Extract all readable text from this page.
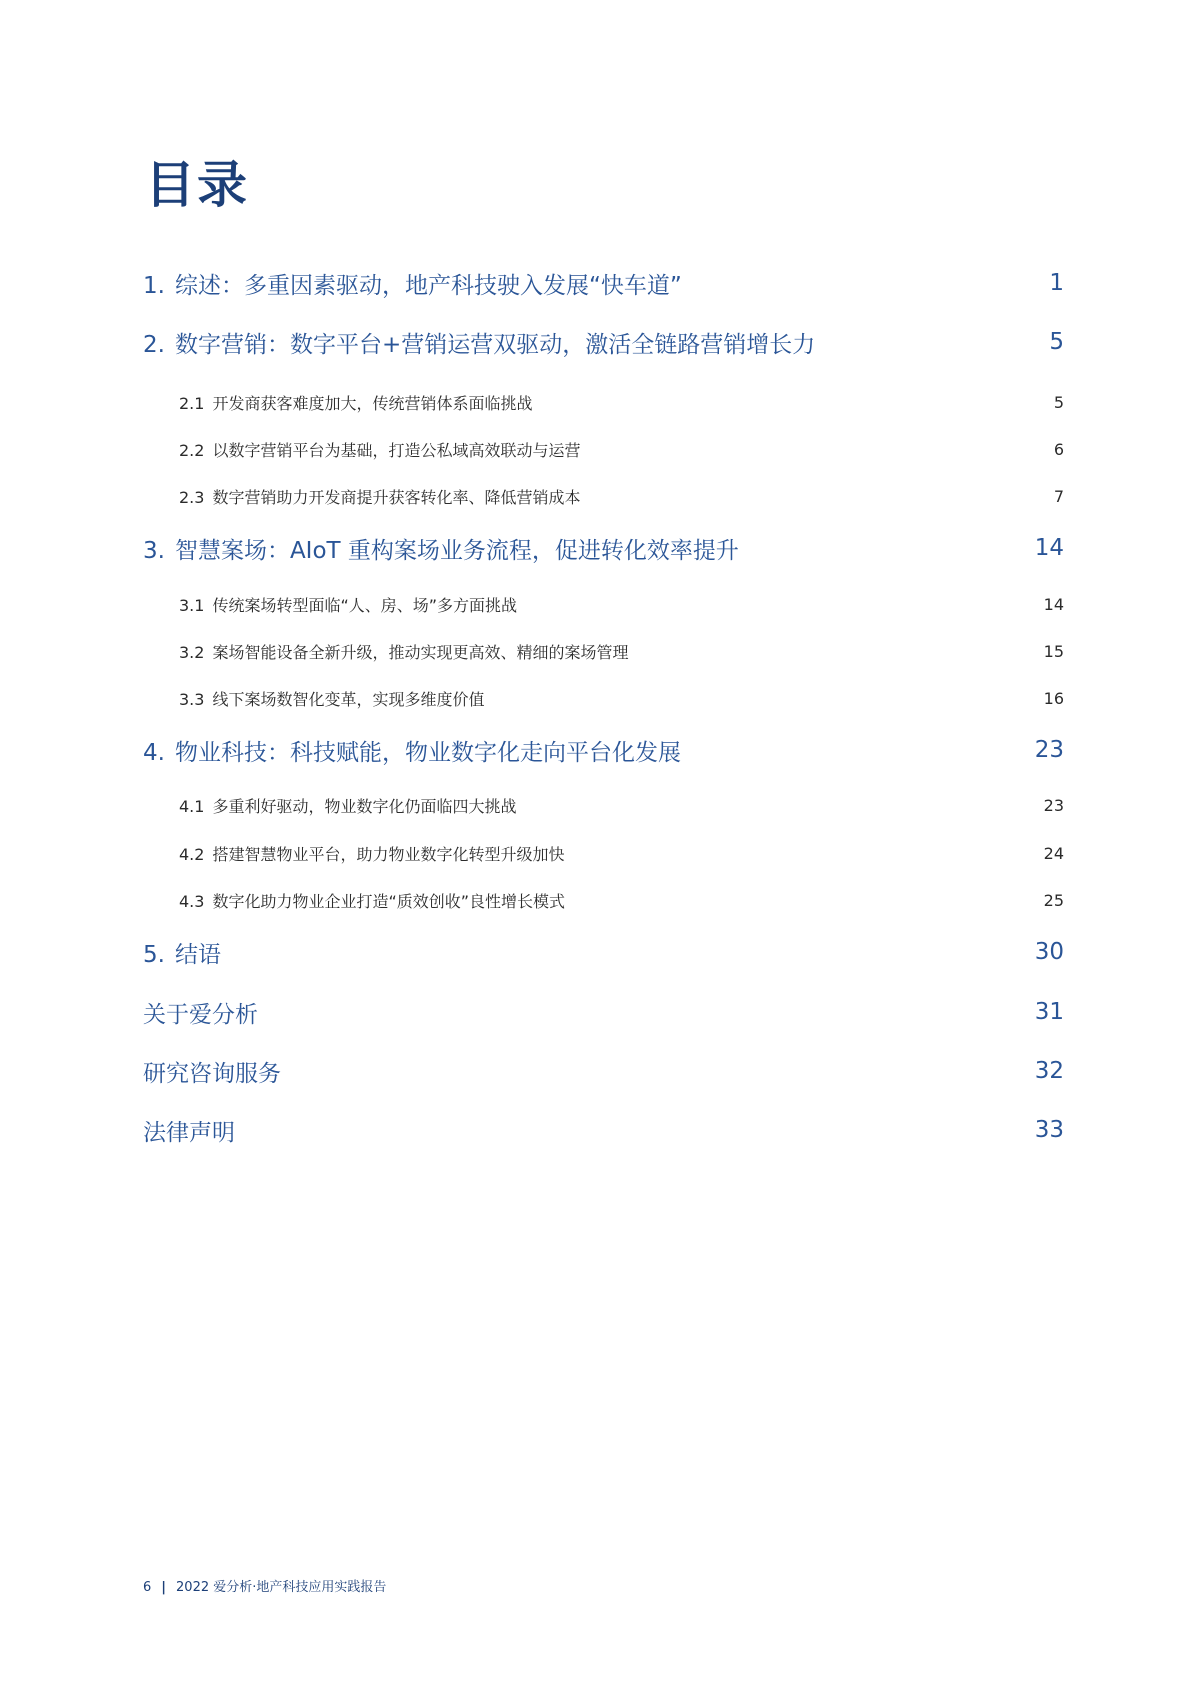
目录
1. 综述：多重因素驱动，地产科技驶入发展“快车道”	1
2. 数字营销：数字平台+营销运营双驱动，激活全链路营销增长力	5
2.1 开发商获客难度加大，传统营销体系面临挑战	5
2.2 以数字营销平台为基础，打造公私域高效联动与运营	6
2.3 数字营销助力开发商提升获客转化率、降低营销成本	7
3. 智慧案场：AIoT 重构案场业务流程，促进转化效率提升	14
3.1 传统案场转型面临“人、房、场”多方面挑战	14
3.2 案场智能设备全新升级，推动实现更高效、精细的案场管理	15
3.3 线下案场数智化变革，实现多维度价值	16
4. 物业科技：科技赋能，物业数字化走向平台化发展	23
4.1 多重利好驱动，物业数字化仍面临四大挑战	23
4.2 搭建智慧物业平台，助力物业数字化转型升级加快	24
4.3 数字化助力物业企业打造“质效创收”良性增长模式	25
5. 结语	30
关于爱分析	31
研究咨询服务	32
法律声明	33
6 | 2022 爱分析·地产科技应用实践报告
